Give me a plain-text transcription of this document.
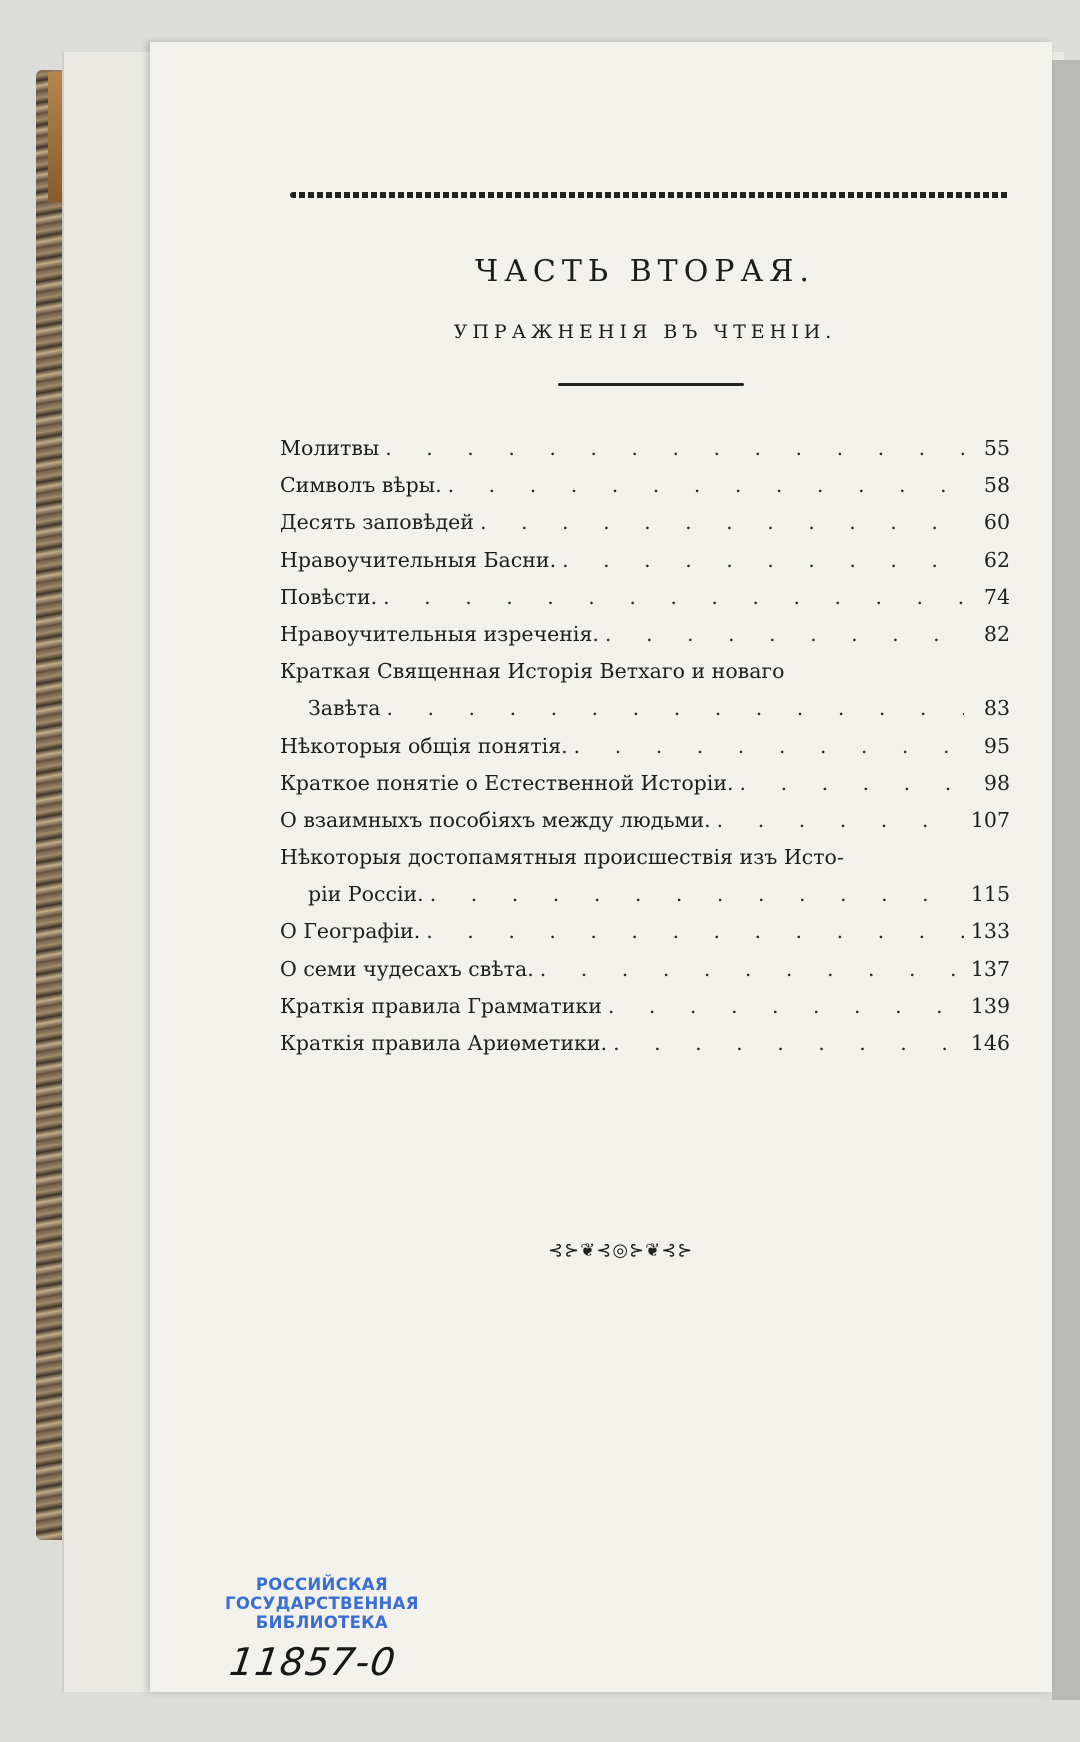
ЧАСТЬ ВТОРАЯ.
УПРАЖНЕНІЯ ВЪ ЧТЕНІИ.
Молитвы . . .	55
Символъ вѣры. . . .	58
Десять заповѣдей . . .	60
Нравоучительныя Басни. . . .	62
Повѣсти. . . .	74
Нравоучительныя изреченія. . . .	82
Краткая Священная Исторія Ветхаго и новаго
Завѣта . . .	83
Нѣкоторыя общія понятія. . . .	95
Краткое понятіе о Естественной Исторіи. . . .	98
О взаимныхъ пособіяхъ между людьми. . . .	107
Нѣкоторыя достопамятныя происшествія изъ Исто-
ріи Россіи. . . .	115
О Географіи. . . .	133
О семи чудесахъ свѣта. . . .	137
Краткія правила Грамматики . . .	139
Краткія правила Ариѳметики. . . .	146
⊰⊱❦⊰◎⊱❦⊰⊱
РОССИЙСКАЯ
ГОСУДАРСТВЕННАЯ
БИБЛИОТЕКА
11857-0
